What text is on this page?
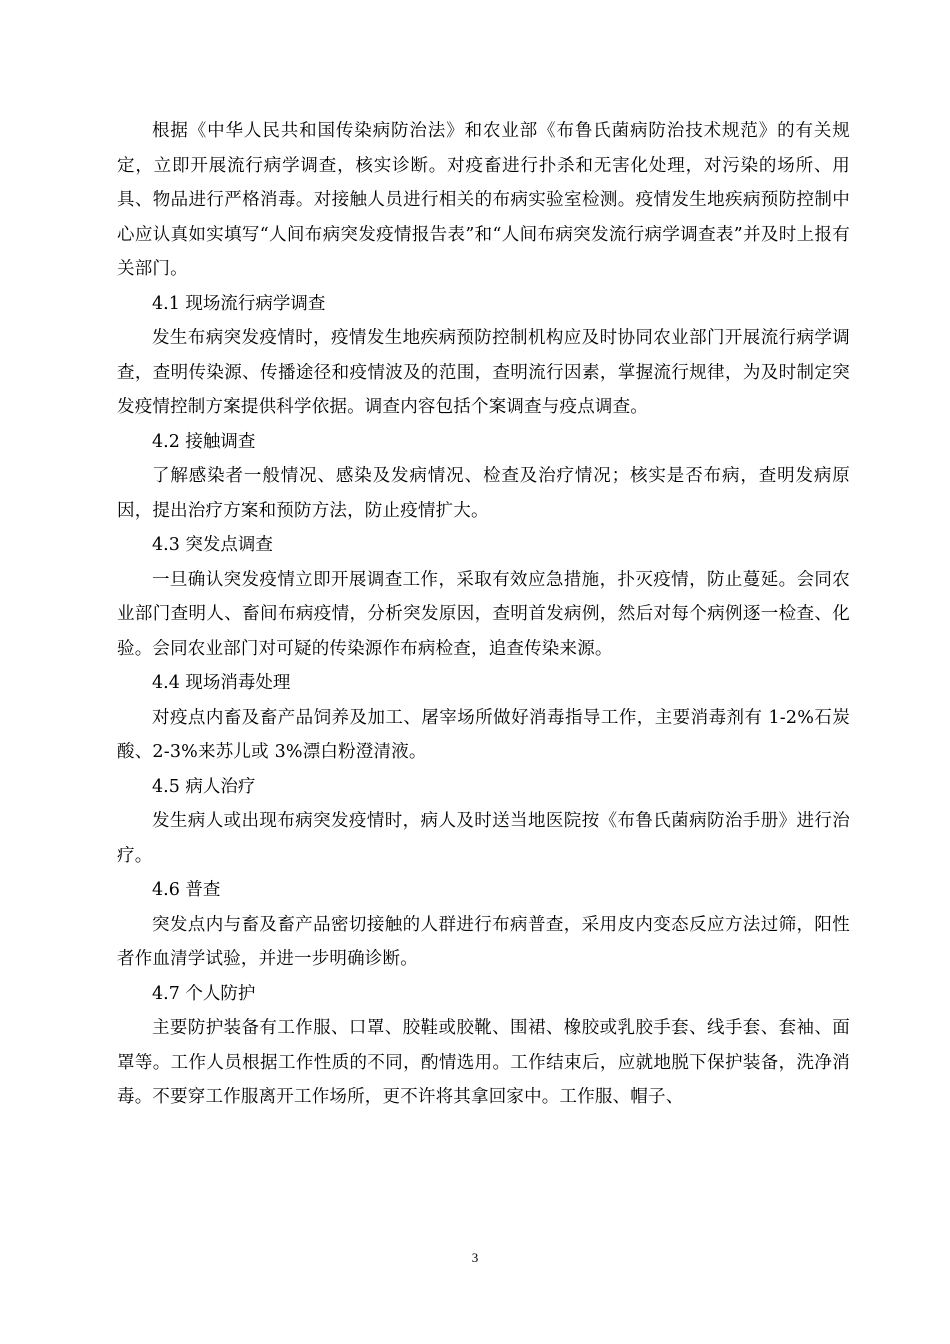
根据《中华人民共和国传染病防治法》和农业部《布鲁氏菌病防治技术规范》的有关规定，立即开展流行病学调查，核实诊断。对疫畜进行扑杀和无害化处理，对污染的场所、用具、物品进行严格消毒。对接触人员进行相关的布病实验室检测。疫情发生地疾病预防控制中心应认真如实填写“人间布病突发疫情报告表”和“人间布病突发流行病学调查表”并及时上报有关部门。

4.1 现场流行病学调查

发生布病突发疫情时，疫情发生地疾病预防控制机构应及时协同农业部门开展流行病学调查，查明传染源、传播途径和疫情波及的范围，查明流行因素，掌握流行规律，为及时制定突发疫情控制方案提供科学依据。调查内容包括个案调查与疫点调查。

4.2 接触调查

了解感染者一般情况、感染及发病情况、检查及治疗情况；核实是否布病，查明发病原因，提出治疗方案和预防方法，防止疫情扩大。

4.3 突发点调查

一旦确认突发疫情立即开展调查工作，采取有效应急措施，扑灭疫情，防止蔓延。会同农业部门查明人、畜间布病疫情，分析突发原因，查明首发病例，然后对每个病例逐一检查、化验。会同农业部门对可疑的传染源作布病检查，追查传染来源。

4.4 现场消毒处理

对疫点内畜及畜产品饲养及加工、屠宰场所做好消毒指导工作，主要消毒剂有 1-2%石炭酸、2-3%来苏儿或 3%漂白粉澄清液。

4.5 病人治疗

发生病人或出现布病突发疫情时，病人及时送当地医院按《布鲁氏菌病防治手册》进行治疗。

4.6 普查

突发点内与畜及畜产品密切接触的人群进行布病普查，采用皮内变态反应方法过筛，阳性者作血清学试验，并进一步明确诊断。

4.7 个人防护

主要防护装备有工作服、口罩、胶鞋或胶靴、围裙、橡胶或乳胶手套、线手套、套袖、面罩等。工作人员根据工作性质的不同，酌情选用。工作结束后，应就地脱下保护装备，洗净消毒。不要穿工作服离开工作场所，更不许将其拿回家中。工作服、帽子、

3
